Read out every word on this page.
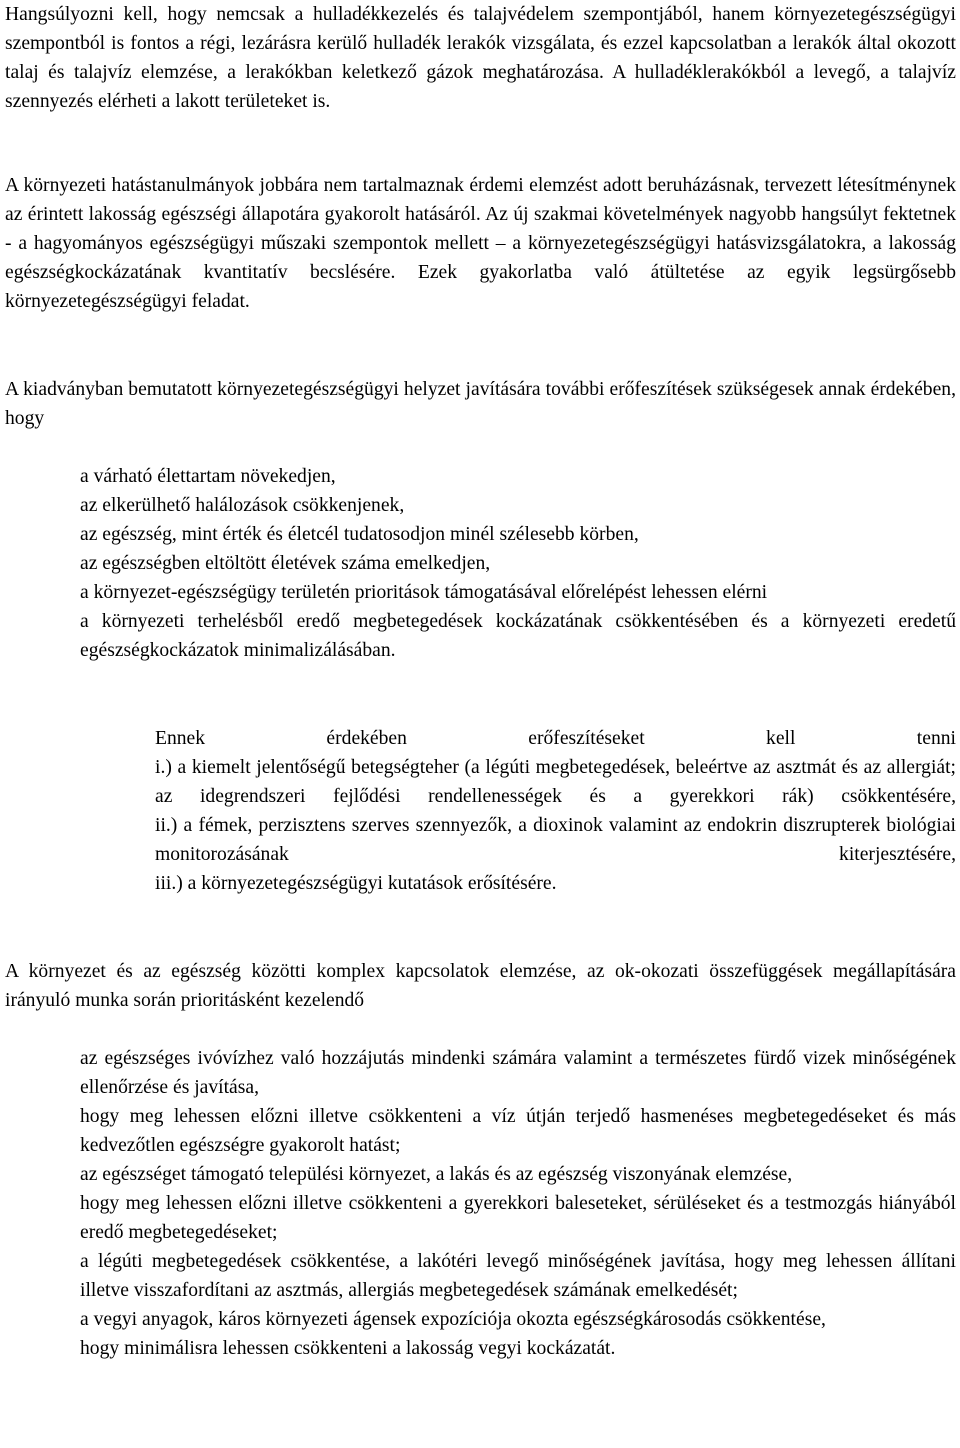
Hangsúlyozni kell, hogy nemcsak a hulladékkezelés és talajvédelem szempontjából, hanem környezetegészségügyi szempontból is fontos a régi, lezárásra kerülő hulladék lerakók vizsgálata, és ezzel kapcsolatban a lerakók által okozott talaj és talajvíz elemzése, a lerakókban keletkező gázok meghatározása. A hulladéklerakókból a levegő, a talajvíz szennyezés elérheti a lakott területeket is.

A környezeti hatástanulmányok jobbára nem tartalmaznak érdemi elemzést adott beruházásnak, tervezett létesítménynek az érintett lakosság egészségi állapotára gyakorolt hatásáról. Az új szakmai követelmények nagyobb hangsúlyt fektetnek - a hagyományos egészségügyi műszaki szempontok mellett – a környezetegészségügyi hatásvizsgálatokra, a lakosság egészségkockázatának kvantitatív becslésére. Ezek gyakorlatba való átültetése az egyik legsürgősebb környezetegészségügyi feladat.

A kiadványban bemutatott környezetegészségügyi helyzet javítására további erőfeszítések szükségesek annak érdekében, hogy

a várható élettartam növekedjen,
az elkerülhető halálozások csökkenjenek,
az egészség, mint érték és életcél tudatosodjon minél szélesebb körben,
az egészségben eltöltött életévek száma emelkedjen,
a környezet-egészségügy területén prioritások támogatásával előrelépést lehessen elérni
a környezeti terhelésből eredő megbetegedések kockázatának csökkentésében és a környezeti eredetű egészségkockázatok minimalizálásában.
Ennek érdekében erőfeszítéseket kell tenni
i.) a kiemelt jelentőségű betegségteher (a légúti megbetegedések, beleértve az asztmát és az allergiát; az idegrendszeri fejlődési rendellenességek és a gyerekkori rák) csökkentésére,
ii.) a fémek, perzisztens szerves szennyezők, a dioxinok valamint az endokrin diszrupterek biológiai monitorozásának kiterjesztésére,
iii.) a környezetegészségügyi kutatások erősítésére.

A környezet és az egészség közötti komplex kapcsolatok elemzése, az ok-okozati összefüggések megállapítására irányuló munka során prioritásként kezelendő

az egészséges ivóvízhez való hozzájutás mindenki számára valamint a természetes fürdő vizek minőségének ellenőrzése és javítása,
hogy meg lehessen előzni illetve csökkenteni a víz útján terjedő hasmenéses megbetegedéseket és más kedvezőtlen egészségre gyakorolt hatást;
az egészséget támogató települési környezet, a lakás és az egészség viszonyának elemzése,
hogy meg lehessen előzni illetve csökkenteni a gyerekkori baleseteket, sérüléseket és a testmozgás hiányából eredő megbetegedéseket;
a légúti megbetegedések csökkentése, a lakótéri levegő minőségének javítása, hogy meg lehessen állítani illetve visszafordítani az asztmás, allergiás megbetegedések számának emelkedését;
a vegyi anyagok, káros környezeti ágensek expozíciója okozta egészségkárosodás csökkentése,
hogy minimálisra lehessen csökkenteni a lakosság vegyi kockázatát.
